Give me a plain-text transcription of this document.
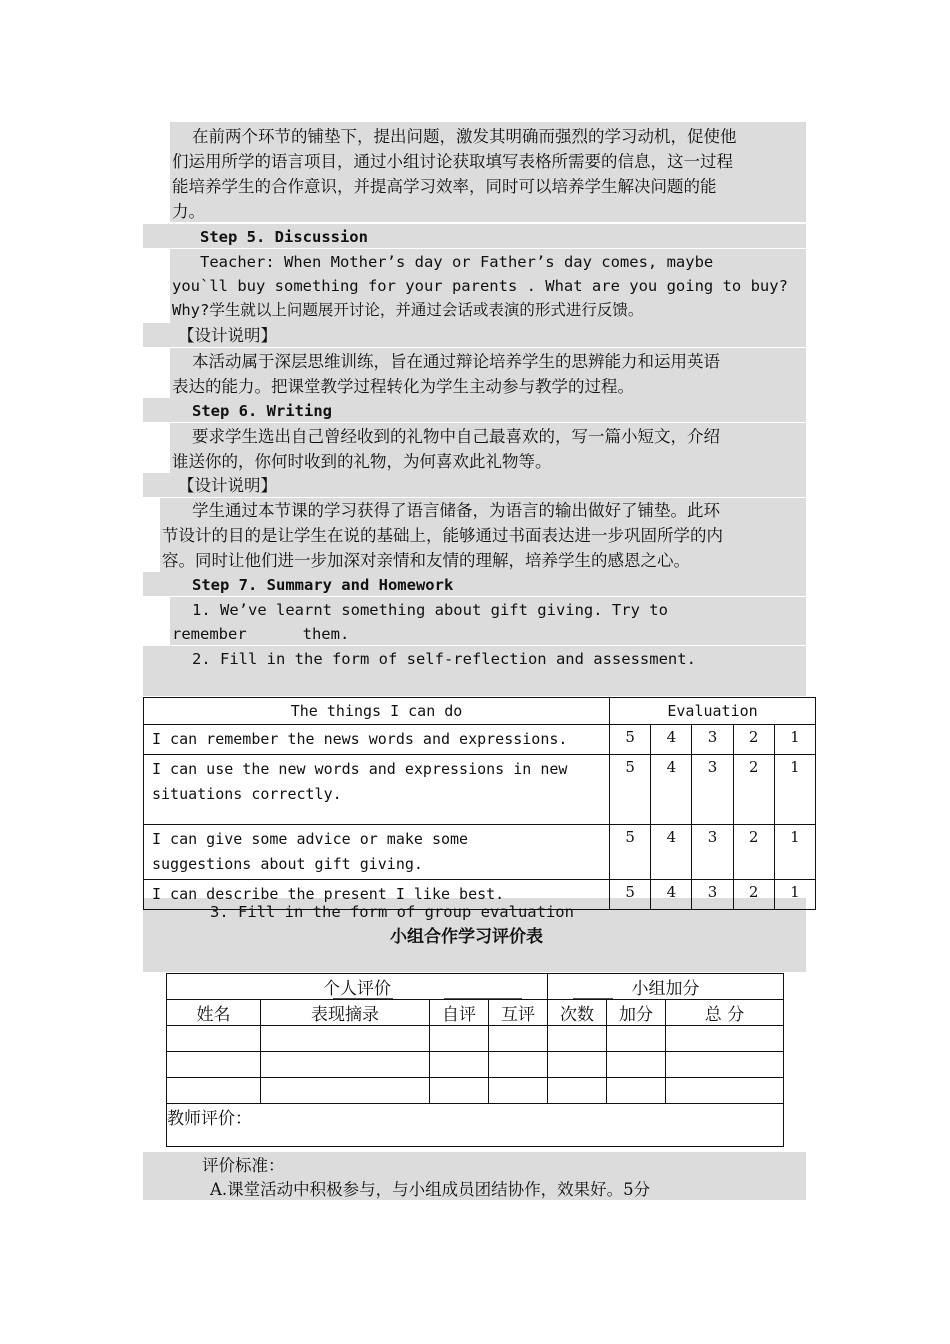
在前两个环节的铺垫下，提出问题，激发其明确而强烈的学习动机，促使他
们运用所学的语言项目，通过小组讨论获取填写表格所需要的信息，这一过程
能培养学生的合作意识，并提高学习效率，同时可以培养学生解决问题的能
力。
Step 5. Discussion
Teacher: When Mother’s day or Father’s day comes, maybe
you`ll buy something for your parents . What are you going to buy?
Why?学生就以上问题展开讨论，并通过会话或表演的形式进行反馈。
【设计说明】
本活动属于深层思维训练，旨在通过辩论培养学生的思辨能力和运用英语
表达的能力。把课堂教学过程转化为学生主动参与教学的过程。
Step 6. Writing
要求学生选出自己曾经收到的礼物中自己最喜欢的，写一篇小短文，介绍
谁送你的，你何时收到的礼物，为何喜欢此礼物等。
【设计说明】
学生通过本节课的学习获得了语言储备，为语言的输出做好了铺垫。此环
节设计的目的是让学生在说的基础上，能够通过书面表达进一步巩固所学的内
容。同时让他们进一步加深对亲情和友情的理解，培养学生的感恩之心。
Step 7. Summary and Homework
1. We’ve learnt something about gift giving. Try to
remember      them.
2. Fill in the form of self-reflection and assessment.
The things I can do	Evaluation				
I can remember the news words and expressions.	5	4	3	2	1
I can use the new words and expressions in new situations correctly.	5	4	3	2	1
I can give some advice or make some suggestions about gift giving.	5	4	3	2	1
I can describe the present I like best.	5	4	3	2	1
3. Fill in the form of group evaluation
小组合作学习评价表

班级	小组长	发言人

个人评价				小组加分		
姓名	表现摘录	自评	互评	次数	加分	总 分

教师评价：						
评价标准：
A.课堂活动中积极参与，与小组成员团结协作，效果好。5分
